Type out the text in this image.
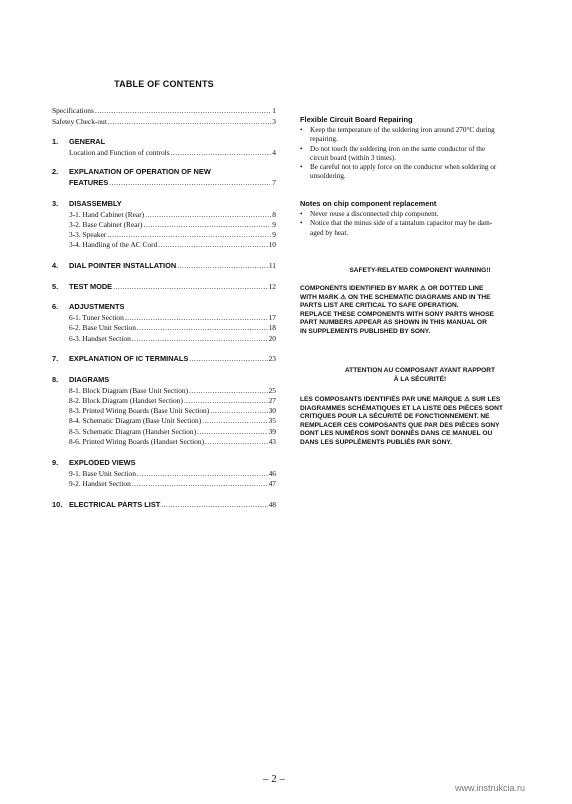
TABLE OF CONTENTS
Specifications .....	1
Safetey Check-out .....	3
1. GENERAL
Location and Function of controls .....	4
2. EXPLANATION OF OPERATION OF NEW
FEATURES .....	7
3. DISASSEMBLY
3-1. Hand Cabinet (Rear) .....	8
3-2. Base Cabinet (Rear) .....	9
3-3. Speaker .....	9
3-4. Handling of the AC Cord .....	10
4. DIAL POINTER INSTALLATION .....	11
5. TEST MODE .....	12
6. ADJUSTMENTS
6-1. Tuner Section .....	17
6-2. Base Unit Section .....	18
6-3. Handset Section .....	20
7. EXPLANATION OF IC TERMINALS .....	23
8. DIAGRAMS
8-1. Block Diagram (Base Unit Section) .....	25
8-2. Block Diagram (Handset Section) .....	27
8-3. Printed Wiring Boards (Base Unit Section) .....	30
8-4. Schematic Diagram (Base Unit Section) .....	35
8-5. Schematic Diagram (Handset Section) .....	39
8-6. Printed Wiring Boards (Handset Section) .....	43
9. EXPLODED VIEWS
9-1. Base Unit Section .....	46
9-2. Handset Section .....	47
10. ELECTRICAL PARTS LIST .....	48
Flexible Circuit Board Repairing
• Keep the temperature of the soldering iron around 270°C during
repairing.
• Do not touch the soldering iron on the same conductor of the
circuit board (within 3 times).
• Be careful not to apply force on the conductor when soldering or
unsoldering.
Notes on chip component replacement
• Never reuse a disconnected chip component.
• Notice that the minus side of a tantalum capacitor may be dam-
aged by heat.
SAFETY-RELATED COMPONENT WARNING!!
COMPONENTS IDENTIFIED BY MARK ⚠ OR DOTTED LINE
WITH MARK ⚠ ON THE SCHEMATIC DIAGRAMS AND IN THE
PARTS LIST ARE CRITICAL TO SAFE OPERATION.
REPLACE THESE COMPONENTS WITH SONY PARTS WHOSE
PART NUMBERS APPEAR AS SHOWN IN THIS MANUAL OR
IN SUPPLEMENTS PUBLISHED BY SONY.
ATTENTION AU COMPOSANT AYANT RAPPORT
À LA SÉCURITÉ!
LES COMPOSANTS IDENTIFIÉS PAR UNE MARQUE ⚠ SUR LES
DIAGRAMMES SCHÉMATIQUES ET LA LISTE DES PIÈCES SONT
CRITIQUES POUR LA SÉCURITÉ DE FONCTIONNEMENT. NE
REMPLACER CES COMPOSANTS QUE PAR DES PIÈCES SONY
DONT LES NUMÉROS SONT DONNÉS DANS CE MANUEL OU
DANS LES SUPPLÉMENTS PUBLIÉS PAR SONY.
– 2 –
www.instrukcia.ru
